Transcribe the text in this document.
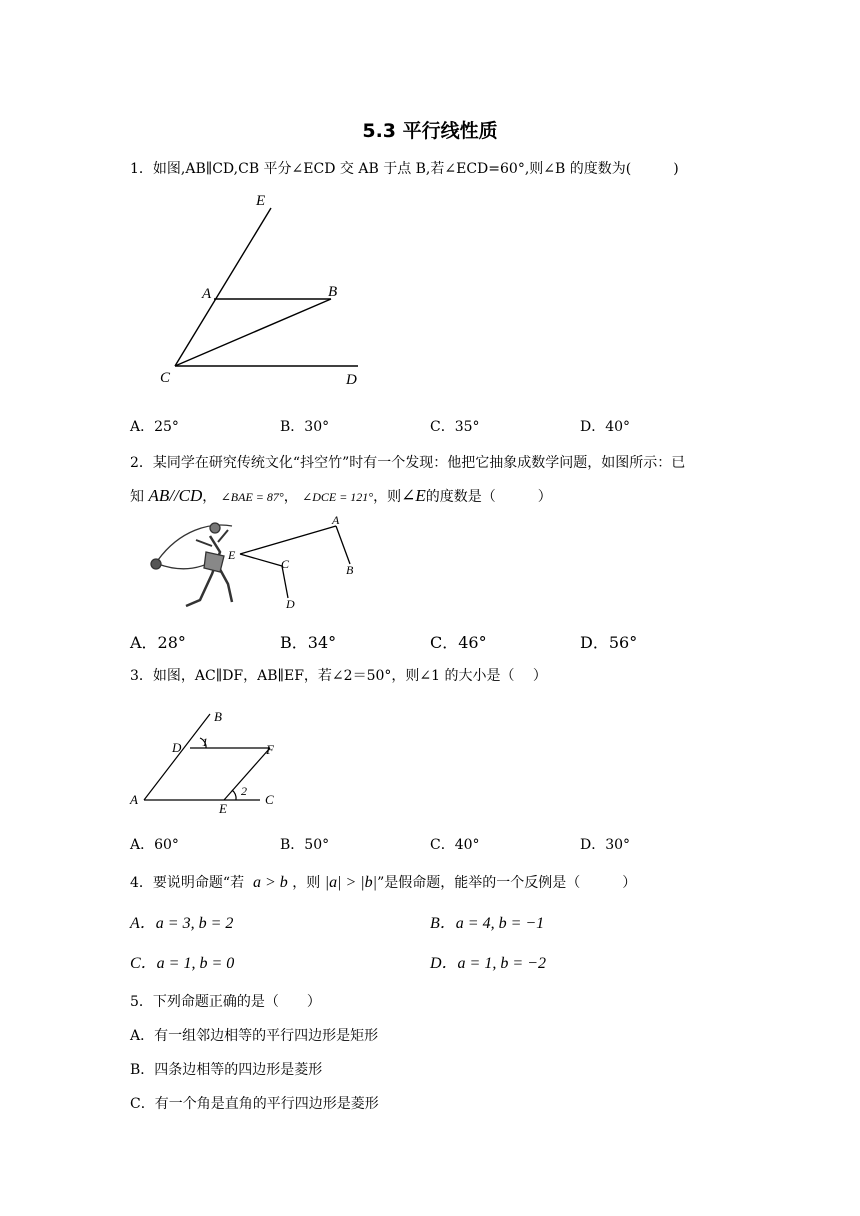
5.3 平行线性质
1．如图,AB∥CD,CB 平分∠ECD 交 AB 于点 B,若∠ECD=60°,则∠B 的度数为(　　　)
E
A	B
C	D
A．25°	B．30°	C．35°	D．40°
2．某同学在研究传统文化“抖空竹”时有一个发现：他把它抽象成数学问题，如图所示：已
知 AB//CD， ∠BAE = 87°， ∠DCE = 121°，则∠E的度数是（　　　）
E
C
D
A
B
A．28°	B．34°	C．46°	D．56°
3．如图，AC∥DF，AB∥EF，若∠2＝50°，则∠1 的大小是（　 ）
B
D 1	F
A
E
2
C
A．60°	B．50°	C．40°	D．30°
4．要说明命题“若 a > b ，则 |a| > |b|”是假命题，能举的一个反例是（　　　）
A．a = 3, b = 2	B．a = 4, b = −1
C．a = 1, b = 0	D．a = 1, b = −2
5．下列命题正确的是（　　）
A．有一组邻边相等的平行四边形是矩形
B．四条边相等的四边形是菱形
C．有一个角是直角的平行四边形是菱形
